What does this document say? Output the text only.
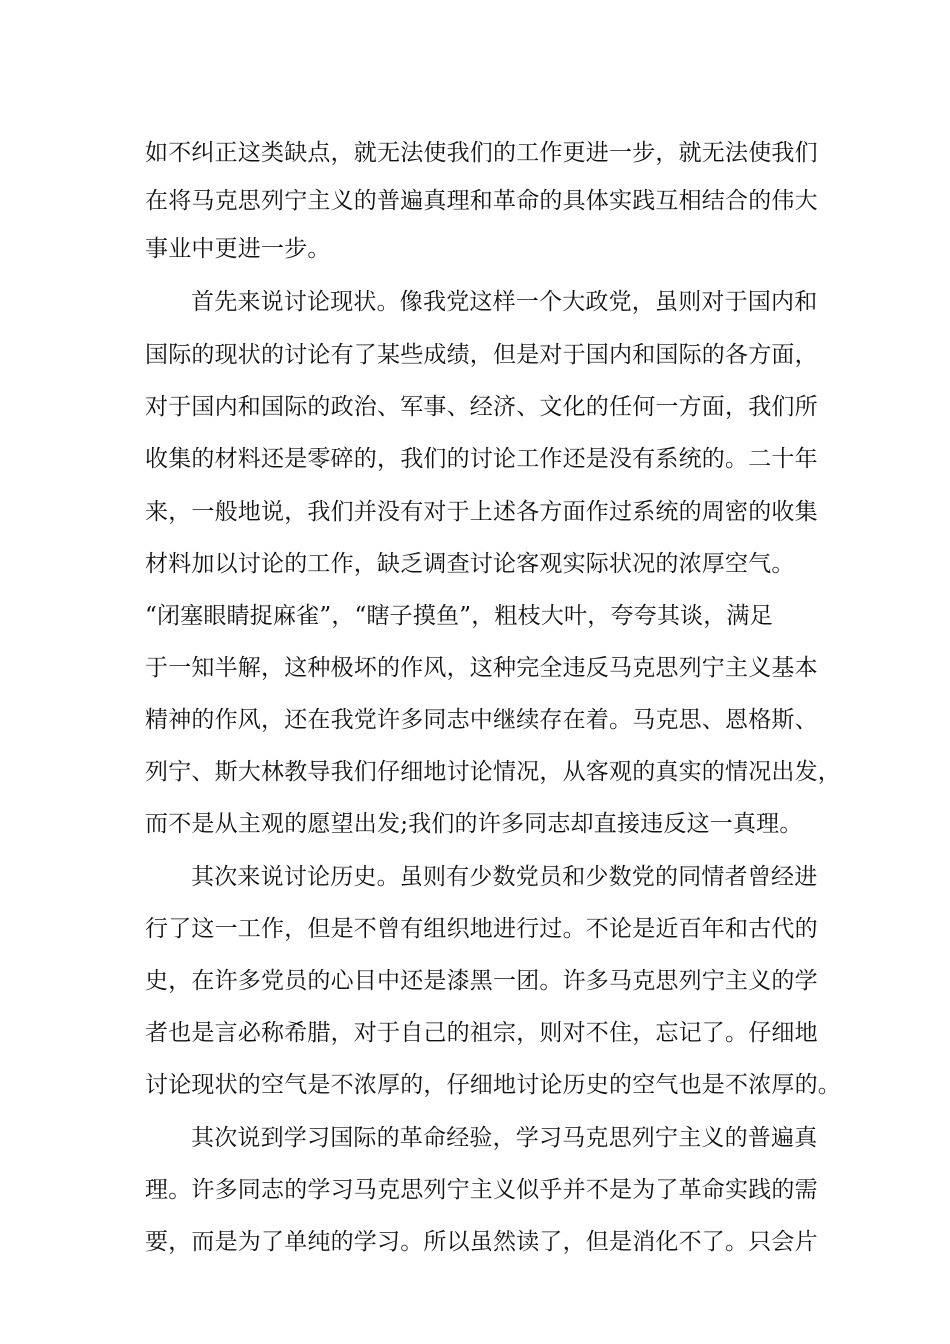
如不纠正这类缺点，就无法使我们的工作更进一步，就无法使我们
在将马克思列宁主义的普遍真理和革命的具体实践互相结合的伟大
事业中更进一步。
首先来说讨论现状。像我党这样一个大政党，虽则对于国内和
国际的现状的讨论有了某些成绩，但是对于国内和国际的各方面，
对于国内和国际的政治、军事、经济、文化的任何一方面，我们所
收集的材料还是零碎的，我们的讨论工作还是没有系统的。二十年
来，一般地说，我们并没有对于上述各方面作过系统的周密的收集
材料加以讨论的工作，缺乏调查讨论客观实际状况的浓厚空气。
“闭塞眼睛捉麻雀”，“瞎子摸鱼”，粗枝大叶，夸夸其谈，满足
于一知半解，这种极坏的作风，这种完全违反马克思列宁主义基本
精神的作风，还在我党许多同志中继续存在着。马克思、恩格斯、
列宁、斯大林教导我们仔细地讨论情况，从客观的真实的情况出发，
而不是从主观的愿望出发;我们的许多同志却直接违反这一真理。
其次来说讨论历史。虽则有少数党员和少数党的同情者曾经进
行了这一工作，但是不曾有组织地进行过。不论是近百年和古代的
史，在许多党员的心目中还是漆黑一团。许多马克思列宁主义的学
者也是言必称希腊，对于自己的祖宗，则对不住，忘记了。仔细地
讨论现状的空气是不浓厚的，仔细地讨论历史的空气也是不浓厚的。
其次说到学习国际的革命经验，学习马克思列宁主义的普遍真
理。许多同志的学习马克思列宁主义似乎并不是为了革命实践的需
要，而是为了单纯的学习。所以虽然读了，但是消化不了。只会片
